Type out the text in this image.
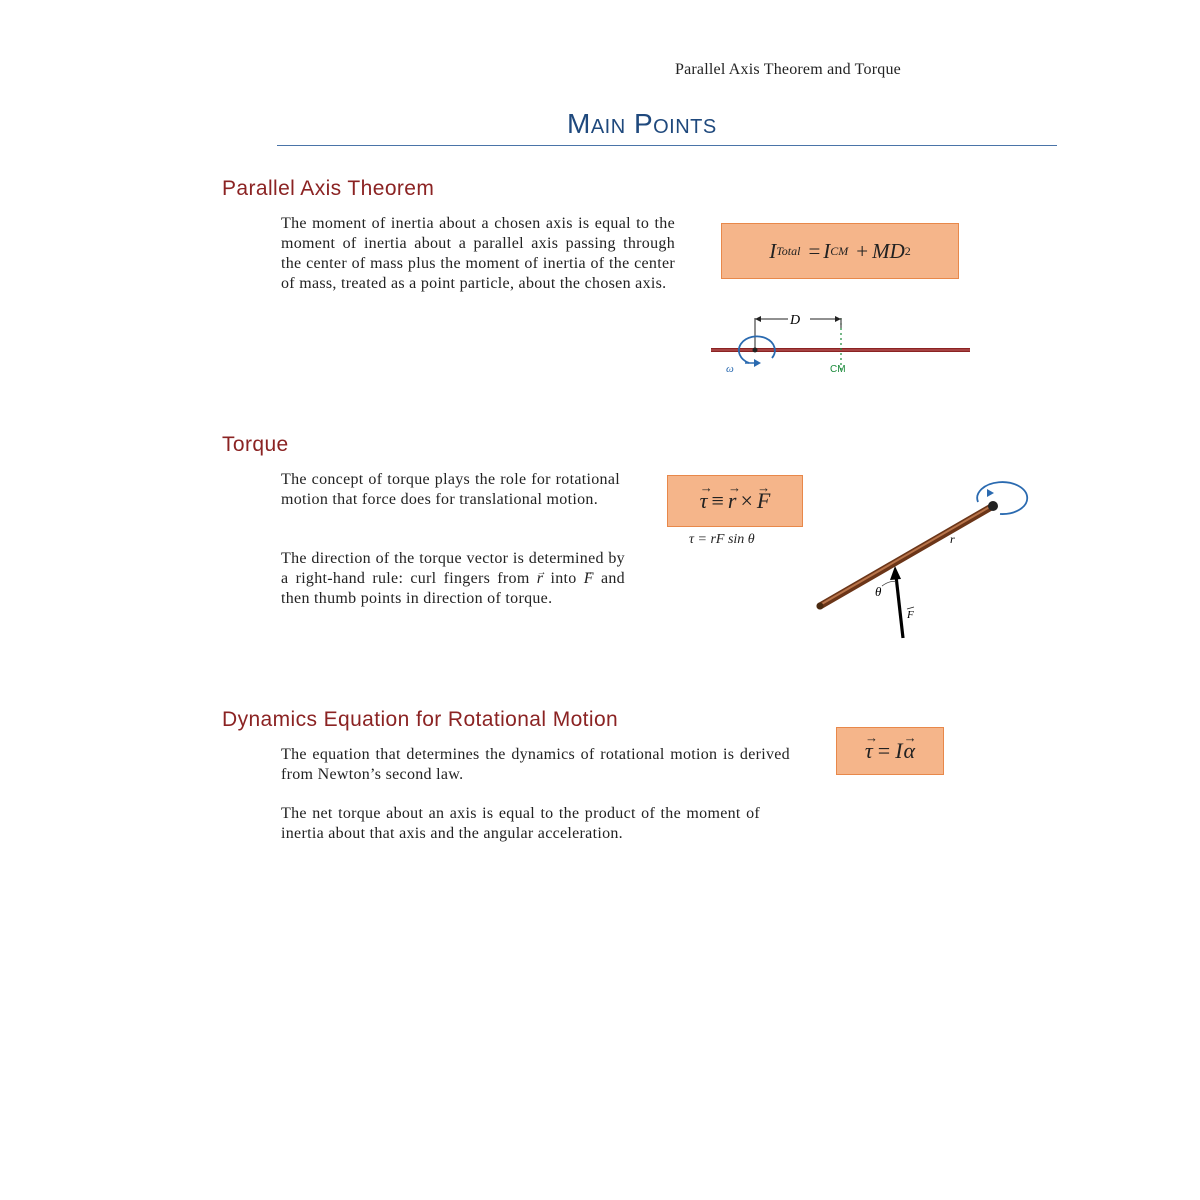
Parallel Axis Theorem and Torque
Main Points
Parallel Axis Theorem
The moment of inertia about a chosen axis is equal to the moment of inertia about a parallel axis passing through the center of mass plus the moment of inertia of the center of mass, treated as a point particle, about the chosen axis.
I Total = I CM + MD 2
D
ω	CM
Torque
The concept of torque plays the role for rotational motion that force does for translational motion.
The direction of the torque vector is determined by a right-hand rule: curl fingers from → r into → F and then thumb points in direction of torque.
→ τ ≡ → r × → F
τ = rF sin θ	r
θ
F
Dynamics Equation for Rotational Motion
The equation that determines the dynamics of rotational motion is derived from Newton’s second law.
The net torque about an axis is equal to the product of the moment of inertia about that axis and the angular acceleration.
→ τ = I → α
